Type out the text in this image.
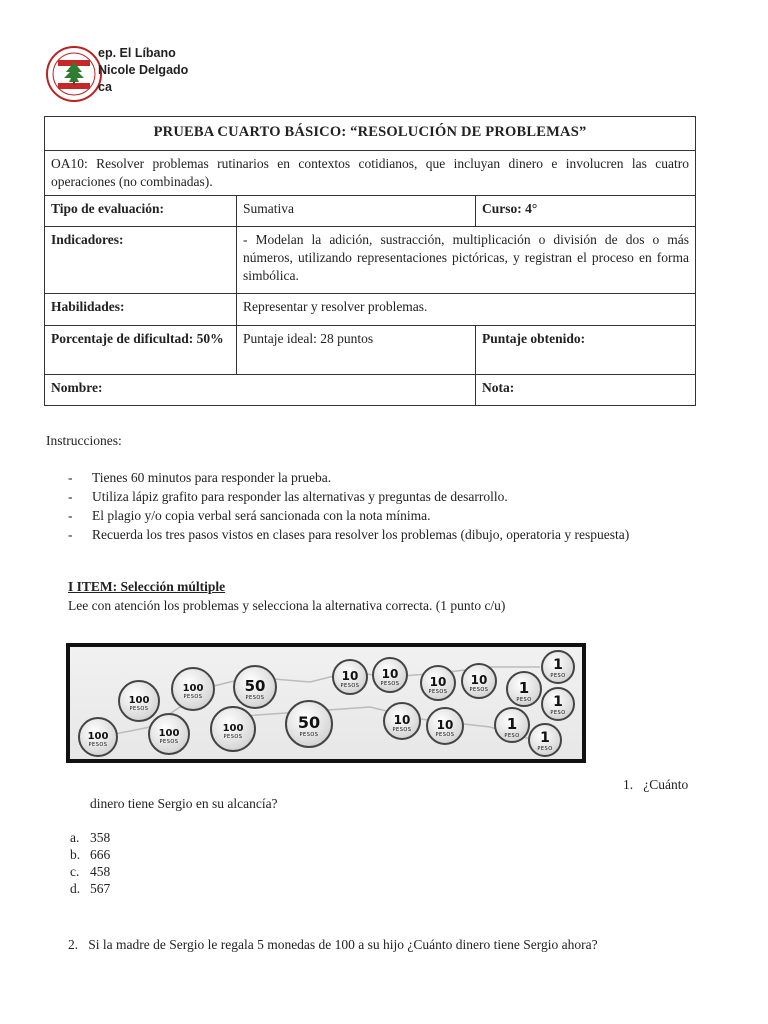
ep. El Líbano
Nicole Delgado
ca
PRUEBA CUARTO BÁSICO: “RESOLUCIÓN DE PROBLEMAS”		
OA10: Resolver problemas rutinarios en contextos cotidianos, que incluyan dinero e involucren las cuatro operaciones (no combinadas).		
Tipo de evaluación:	Sumativa	Curso: 4°
Indicadores:	- Modelan la adición, sustracción, multiplicación o división de dos o más números, utilizando representaciones pictóricas, y registran el proceso en forma simbólica.	
Habilidades:	Representar y resolver problemas.	
Porcentaje de dificultad: 50%	Puntaje ideal: 28 puntos	Puntaje obtenido:
Nombre:		Nota:
Instrucciones:
- Tienes 60 minutos para responder la prueba.
- Utiliza lápiz grafito para responder las alternativas y preguntas de desarrollo.
- El plagio y/o copia verbal será sancionada con la nota mínima.
- Recuerda los tres pasos vistos en clases para resolver los problemas (dibujo, operatoria y respuesta)
I ITEM: Selección múltiple
Lee con atención los problemas y selecciona la alternativa correcta. (1 punto c/u)
100
PESOS
100
PESOS
100
PESOS
100
PESOS
100
PESOS
50
PESOS
50
PESOS
10
PESOS
10
PESOS
10
PESOS
10
PESOS
10
PESOS
10
PESOS	1
PESO
1
PESO
1
PESO
1
PESO
1
PESO
1. ¿Cuánto
dinero tiene Sergio en su alcancía?
a. 358
b. 666
c. 458
d. 567
2. Si la madre de Sergio le regala 5 monedas de 100 a su hijo ¿Cuánto dinero tiene Sergio ahora?
